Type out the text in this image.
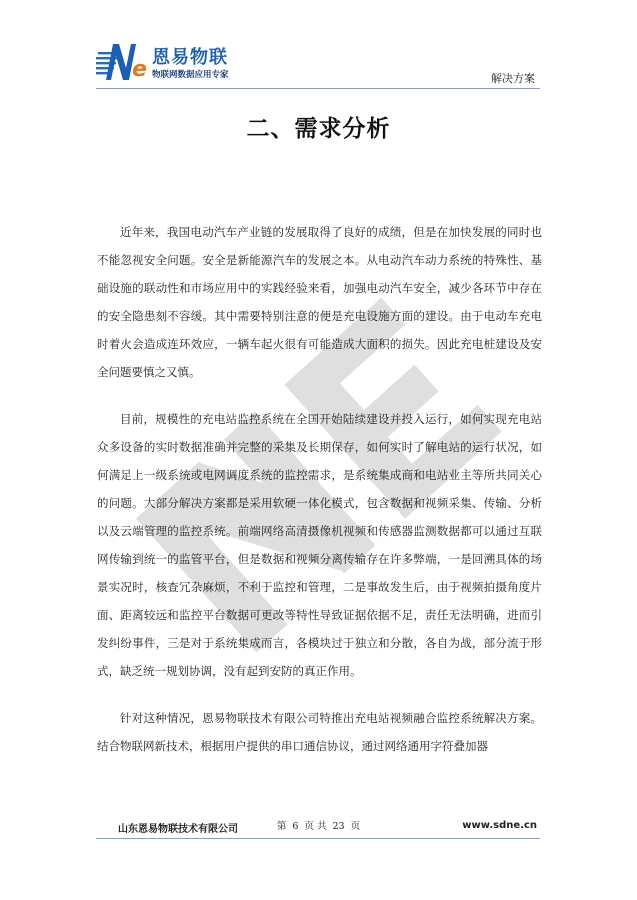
e 恩易物联
物联网数据应用专家	解决方案
二、需求分析

近年来，我国电动汽车产业链的发展取得了良好的成绩，但是在加快发展的同时也不能忽视安全问题。安全是新能源汽车的发展之本。从电动汽车动力系统的特殊性、基础设施的联动性和市场应用中的实践经验来看，加强电动汽车安全，减少各环节中存在的安全隐患刻不容缓。其中需要特别注意的便是充电设施方面的建设。由于电动车充电时着火会造成连环效应，一辆车起火很有可能造成大面积的损失。因此充电桩建设及安全问题要慎之又慎。

目前，规模性的充电站监控系统在全国开始陆续建设并投入运行，如何实现充电站众多设备的实时数据准确并完整的采集及长期保存，如何实时了解电站的运行状况，如何满足上一级系统或电网调度系统的监控需求，是系统集成商和电站业主等所共同关心的问题。大部分解决方案都是采用软硬一体化模式，包含数据和视频采集、传输、分析以及云端管理的监控系统。前端网络高清摄像机视频和传感器监测数据都可以通过互联网传输到统一的监管平台，但是数据和视频分离传输存在许多弊端，一是回溯具体的场景实况时，核查冗杂麻烦，不利于监控和管理，二是事故发生后，由于视频拍摄角度片面、距离较远和监控平台数据可更改等特性导致证据依据不足，责任无法明确，进而引发纠纷事件，三是对于系统集成而言，各模块过于独立和分散，各自为战，部分流于形式，缺乏统一规划协调，没有起到安防的真正作用。

针对这种情况，恩易物联技术有限公司特推出充电站视频融合监控系统解决方案。结合物联网新技术，根据用户提供的串口通信协议，通过网络通用字符叠加器

山东恩易物联技术有限公司	第 6 页 共 23 页	www.sdne.cn
